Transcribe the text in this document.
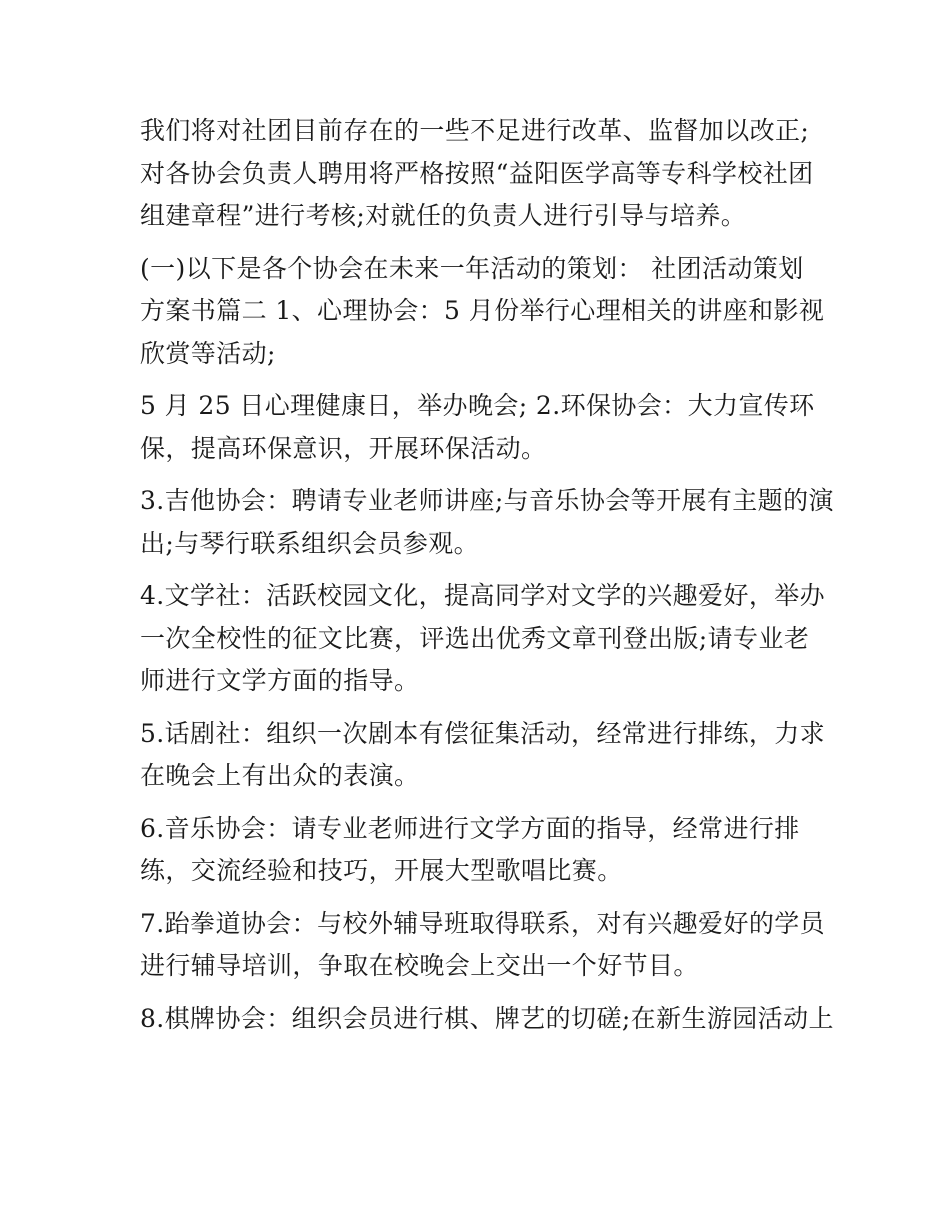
我们将对社团目前存在的一些不足进行改革、监督加以改正;
对各协会负责人聘用将严格按照“益阳医学高等专科学校社团
组建章程”进行考核;对就任的负责人进行引导与培养。
(一)以下是各个协会在未来一年活动的策划： 社团活动策划
方案书篇二 1、心理协会：5 月份举行心理相关的讲座和影视
欣赏等活动;
5 月 25 日心理健康日，举办晚会; 2.环保协会：大力宣传环
保，提高环保意识，开展环保活动。
3.吉他协会：聘请专业老师讲座;与音乐协会等开展有主题的演
出;与琴行联系组织会员参观。
4.文学社：活跃校园文化，提高同学对文学的兴趣爱好，举办
一次全校性的征文比赛，评选出优秀文章刊登出版;请专业老
师进行文学方面的指导。
5.话剧社：组织一次剧本有偿征集活动，经常进行排练，力求
在晚会上有出众的表演。
6.音乐协会：请专业老师进行文学方面的指导，经常进行排
练，交流经验和技巧，开展大型歌唱比赛。
7.跆拳道协会：与校外辅导班取得联系，对有兴趣爱好的学员
进行辅导培训，争取在校晚会上交出一个好节目。
8.棋牌协会：组织会员进行棋、牌艺的切磋;在新生游园活动上
